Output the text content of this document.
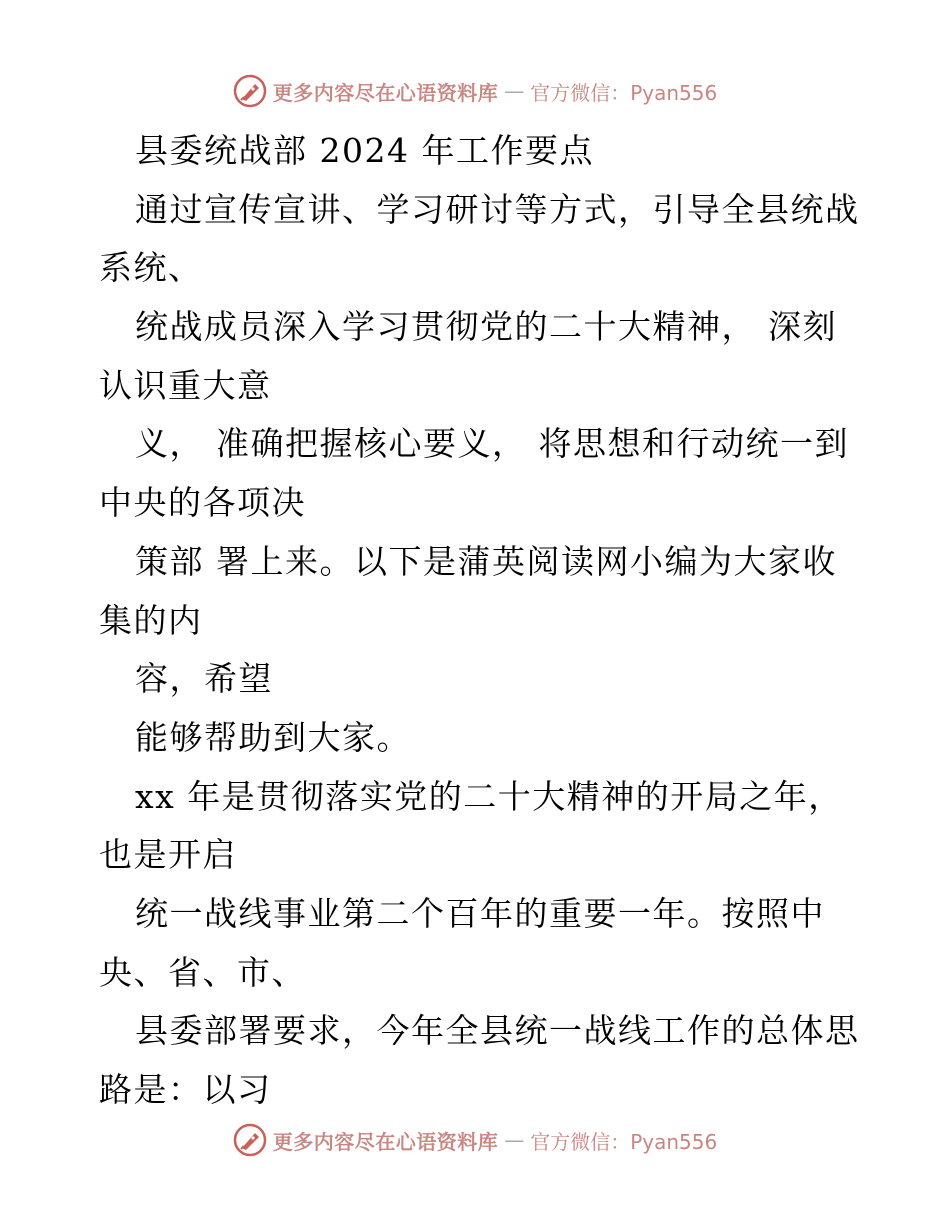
更多内容尽在心语资料库 — 官方微信：Pyan556
县委统战部 2024 年工作要点
通过宣传宣讲、学习研讨等方式，引导全县统战
系统、
统战成员深入学习贯彻党的二十大精神， 深刻
认识重大意
义， 准确把握核心要义， 将思想和行动统一到
中央的各项决
策部 署上来。以下是蒲英阅读网小编为大家收
集的内
容，希望
能够帮助到大家。
xx 年是贯彻落实党的二十大精神的开局之年，
也是开启
统一战线事业第二个百年的重要一年。按照中
央、省、市、
县委部署要求，今年全县统一战线工作的总体思
路是：以习
更多内容尽在心语资料库 — 官方微信：Pyan556
